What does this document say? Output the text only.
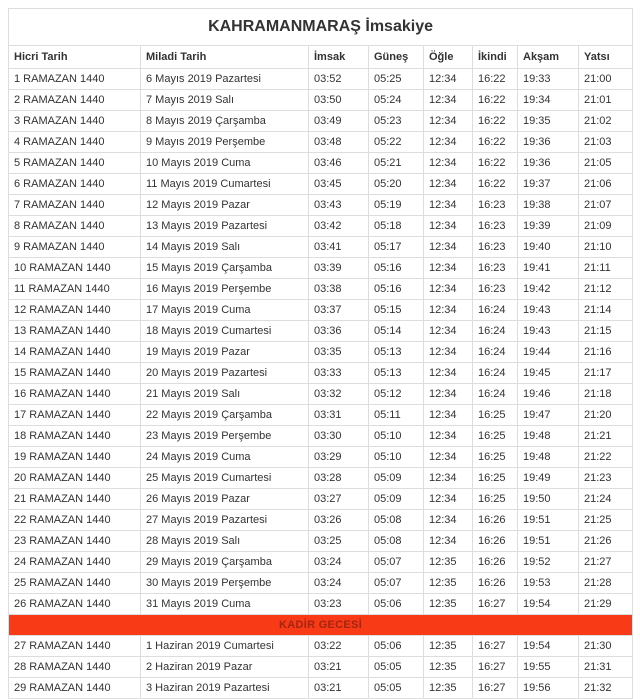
KAHRAMANMARAŞ İmsakiye							
Hicri Tarih	Miladi Tarih	İmsak	Güneş	Öğle	İkindi	Akşam	Yatsı
1 RAMAZAN 1440	6 Mayıs 2019 Pazartesi	03:52	05:25	12:34	16:22	19:33	21:00
2 RAMAZAN 1440	7 Mayıs 2019 Salı	03:50	05:24	12:34	16:22	19:34	21:01
3 RAMAZAN 1440	8 Mayıs 2019 Çarşamba	03:49	05:23	12:34	16:22	19:35	21:02
4 RAMAZAN 1440	9 Mayıs 2019 Perşembe	03:48	05:22	12:34	16:22	19:36	21:03
5 RAMAZAN 1440	10 Mayıs 2019 Cuma	03:46	05:21	12:34	16:22	19:36	21:05
6 RAMAZAN 1440	11 Mayıs 2019 Cumartesi	03:45	05:20	12:34	16:22	19:37	21:06
7 RAMAZAN 1440	12 Mayıs 2019 Pazar	03:43	05:19	12:34	16:23	19:38	21:07
8 RAMAZAN 1440	13 Mayıs 2019 Pazartesi	03:42	05:18	12:34	16:23	19:39	21:09
9 RAMAZAN 1440	14 Mayıs 2019 Salı	03:41	05:17	12:34	16:23	19:40	21:10
10 RAMAZAN 1440	15 Mayıs 2019 Çarşamba	03:39	05:16	12:34	16:23	19:41	21:11
11 RAMAZAN 1440	16 Mayıs 2019 Perşembe	03:38	05:16	12:34	16:23	19:42	21:12
12 RAMAZAN 1440	17 Mayıs 2019 Cuma	03:37	05:15	12:34	16:24	19:43	21:14
13 RAMAZAN 1440	18 Mayıs 2019 Cumartesi	03:36	05:14	12:34	16:24	19:43	21:15
14 RAMAZAN 1440	19 Mayıs 2019 Pazar	03:35	05:13	12:34	16:24	19:44	21:16
15 RAMAZAN 1440	20 Mayıs 2019 Pazartesi	03:33	05:13	12:34	16:24	19:45	21:17
16 RAMAZAN 1440	21 Mayıs 2019 Salı	03:32	05:12	12:34	16:24	19:46	21:18
17 RAMAZAN 1440	22 Mayıs 2019 Çarşamba	03:31	05:11	12:34	16:25	19:47	21:20
18 RAMAZAN 1440	23 Mayıs 2019 Perşembe	03:30	05:10	12:34	16:25	19:48	21:21
19 RAMAZAN 1440	24 Mayıs 2019 Cuma	03:29	05:10	12:34	16:25	19:48	21:22
20 RAMAZAN 1440	25 Mayıs 2019 Cumartesi	03:28	05:09	12:34	16:25	19:49	21:23
21 RAMAZAN 1440	26 Mayıs 2019 Pazar	03:27	05:09	12:34	16:25	19:50	21:24
22 RAMAZAN 1440	27 Mayıs 2019 Pazartesi	03:26	05:08	12:34	16:26	19:51	21:25
23 RAMAZAN 1440	28 Mayıs 2019 Salı	03:25	05:08	12:34	16:26	19:51	21:26
24 RAMAZAN 1440	29 Mayıs 2019 Çarşamba	03:24	05:07	12:35	16:26	19:52	21:27
25 RAMAZAN 1440	30 Mayıs 2019 Perşembe	03:24	05:07	12:35	16:26	19:53	21:28
26 RAMAZAN 1440	31 Mayıs 2019 Cuma	03:23	05:06	12:35	16:27	19:54	21:29
KADİR GECESİ							
27 RAMAZAN 1440	1 Haziran 2019 Cumartesi	03:22	05:06	12:35	16:27	19:54	21:30
28 RAMAZAN 1440	2 Haziran 2019 Pazar	03:21	05:05	12:35	16:27	19:55	21:31
29 RAMAZAN 1440	3 Haziran 2019 Pazartesi	03:21	05:05	12:35	16:27	19:56	21:32
